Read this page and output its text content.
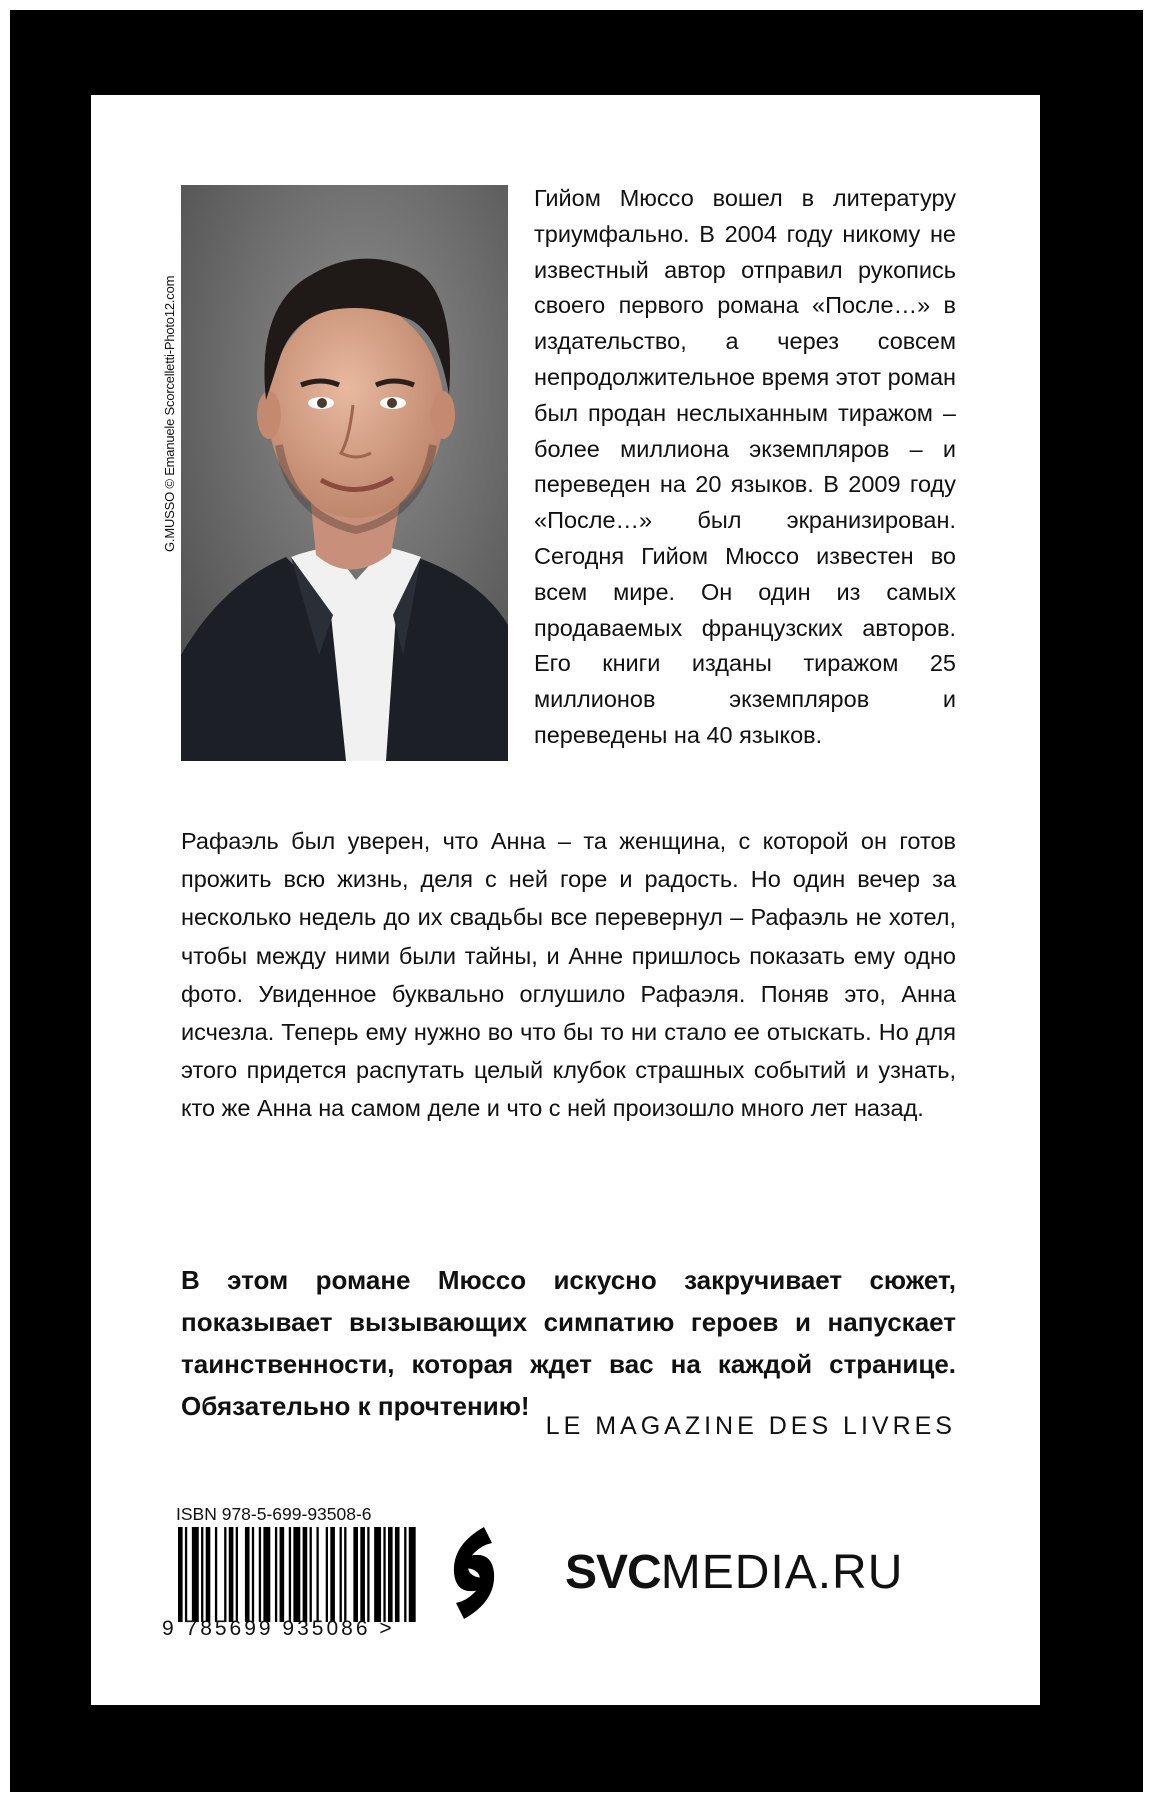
G.MUSSO © Emanuele Scorcelletti-Photo12.com

Гийом Мюссо вошел в литературу триумфально. В 2004 году никому не известный автор отправил рукопись своего первого романа «После…» в издательство, а через совсем непродолжительное время этот роман был продан неслыханным тиражом – более миллиона экземпляров – и переведен на 20 языков. В 2009 году «После…» был экранизирован. Сегодня Гийом Мюссо известен во всем мире. Он один из самых продаваемых французских авторов. Его книги изданы тиражом 25 миллионов экземпляров и переведены на 40 языков.

Рафаэль был уверен, что Анна – та женщина, с которой он готов прожить всю жизнь, деля с ней горе и радость. Но один вечер за несколько недель до их свадьбы все перевернул – Рафаэль не хотел, чтобы между ними были тайны, и Анне пришлось показать ему одно фото. Увиденное буквально оглушило Рафаэля. Поняв это, Анна исчезла. Теперь ему нужно во что бы то ни стало ее отыскать. Но для этого придется распутать целый клубок страшных событий и узнать, кто же Анна на самом деле и что с ней произошло много лет назад.

В этом романе Мюссо искусно закручивает сюжет, показывает вызывающих симпатию героев и напускает таинственности, которая ждет вас на каждой странице. Обязательно к прочтению!

LE MAGAZINE DES LIVRES
ISBN 978-5-699-93508-6
9 785699 935086 >
SVCMEDIA.RU
